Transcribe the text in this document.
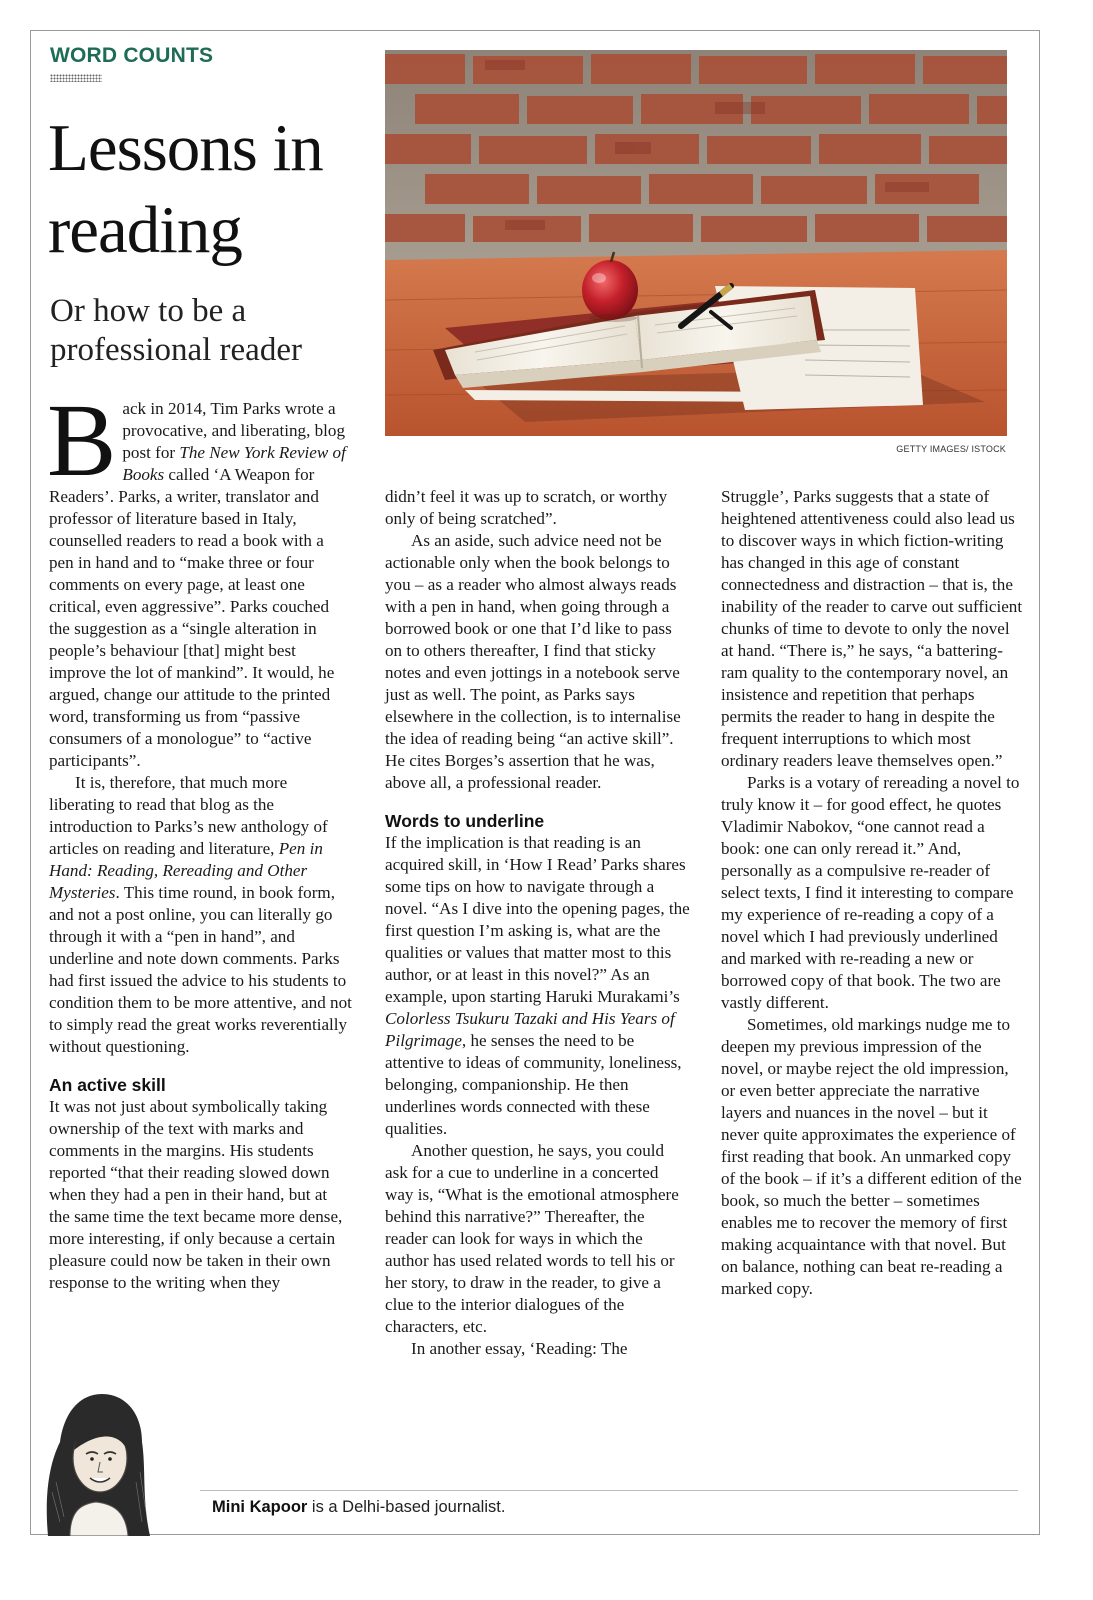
WORD COUNTS
Lessons in reading
Or how to be a professional reader
GETTY IMAGES/ ISTOCK

Back in 2014, Tim Parks wrote a provocative, and liberating, blog post for The New York Review of Books called ‘A Weapon for Readers’. Parks, a writer, translator and professor of literature based in Italy, counselled readers to read a book with a pen in hand and to “make three or four comments on every page, at least one critical, even aggressive”. Parks couched the suggestion as a “single alteration in people’s behaviour [that] might best improve the lot of mankind”. It would, he argued, change our attitude to the printed word, transforming us from “passive consumers of a monologue” to “active participants”.

It is, therefore, that much more liberating to read that blog as the introduction to Parks’s new anthology of articles on reading and literature, Pen in Hand: Reading, Rereading and Other Mysteries. This time round, in book form, and not a post online, you can literally go through it with a “pen in hand”, and underline and note down comments. Parks had first issued the advice to his students to condition them to be more attentive, and not to simply read the great works reverentially without questioning.

An active skill

It was not just about symbolically taking ownership of the text with marks and comments in the margins. His students reported “that their reading slowed down when they had a pen in their hand, but at the same time the text became more dense, more interesting, if only because a certain pleasure could now be taken in their own response to the writing when they

didn’t feel it was up to scratch, or worthy only of being scratched”.

As an aside, such advice need not be actionable only when the book belongs to you – as a reader who almost always reads with a pen in hand, when going through a borrowed book or one that I’d like to pass on to others thereafter, I find that sticky notes and even jottings in a notebook serve just as well. The point, as Parks says elsewhere in the collection, is to internalise the idea of reading being “an active skill”. He cites Borges’s assertion that he was, above all, a professional reader.

Words to underline

If the implication is that reading is an acquired skill, in ‘How I Read’ Parks shares some tips on how to navigate through a novel. “As I dive into the opening pages, the first question I’m asking is, what are the qualities or values that matter most to this author, or at least in this novel?” As an example, upon starting Haruki Murakami’s Colorless Tsukuru Tazaki and His Years of Pilgrimage, he senses the need to be attentive to ideas of community, loneliness, belonging, companionship. He then underlines words connected with these qualities.

Another question, he says, you could ask for a cue to underline in a concerted way is, “What is the emotional atmosphere behind this narrative?” Thereafter, the reader can look for ways in which the author has used related words to tell his or her story, to draw in the reader, to give a clue to the interior dialogues of the characters, etc.

In another essay, ‘Reading: The

Struggle’, Parks suggests that a state of heightened attentiveness could also lead us to discover ways in which fiction-writing has changed in this age of constant connectedness and distraction – that is, the inability of the reader to carve out sufficient chunks of time to devote to only the novel at hand. “There is,” he says, “a battering-ram quality to the contemporary novel, an insistence and repetition that perhaps permits the reader to hang in despite the frequent interruptions to which most ordinary readers leave themselves open.”

Parks is a votary of rereading a novel to truly know it – for good effect, he quotes Vladimir Nabokov, “one cannot read a book: one can only reread it.” And, personally as a compulsive re-reader of select texts, I find it interesting to compare my experience of re-reading a copy of a novel which I had previously underlined and marked with re-reading a new or borrowed copy of that book. The two are vastly different.

Sometimes, old markings nudge me to deepen my previous impression of the novel, or maybe reject the old impression, or even better appreciate the narrative layers and nuances in the novel – but it never quite approximates the experience of first reading that book. An unmarked copy of the book – if it’s a different edition of the book, so much the better – sometimes enables me to recover the memory of first making acquaintance with that novel. But on balance, nothing can beat re-reading a marked copy.

Mini Kapoor is a Delhi-based journalist.
